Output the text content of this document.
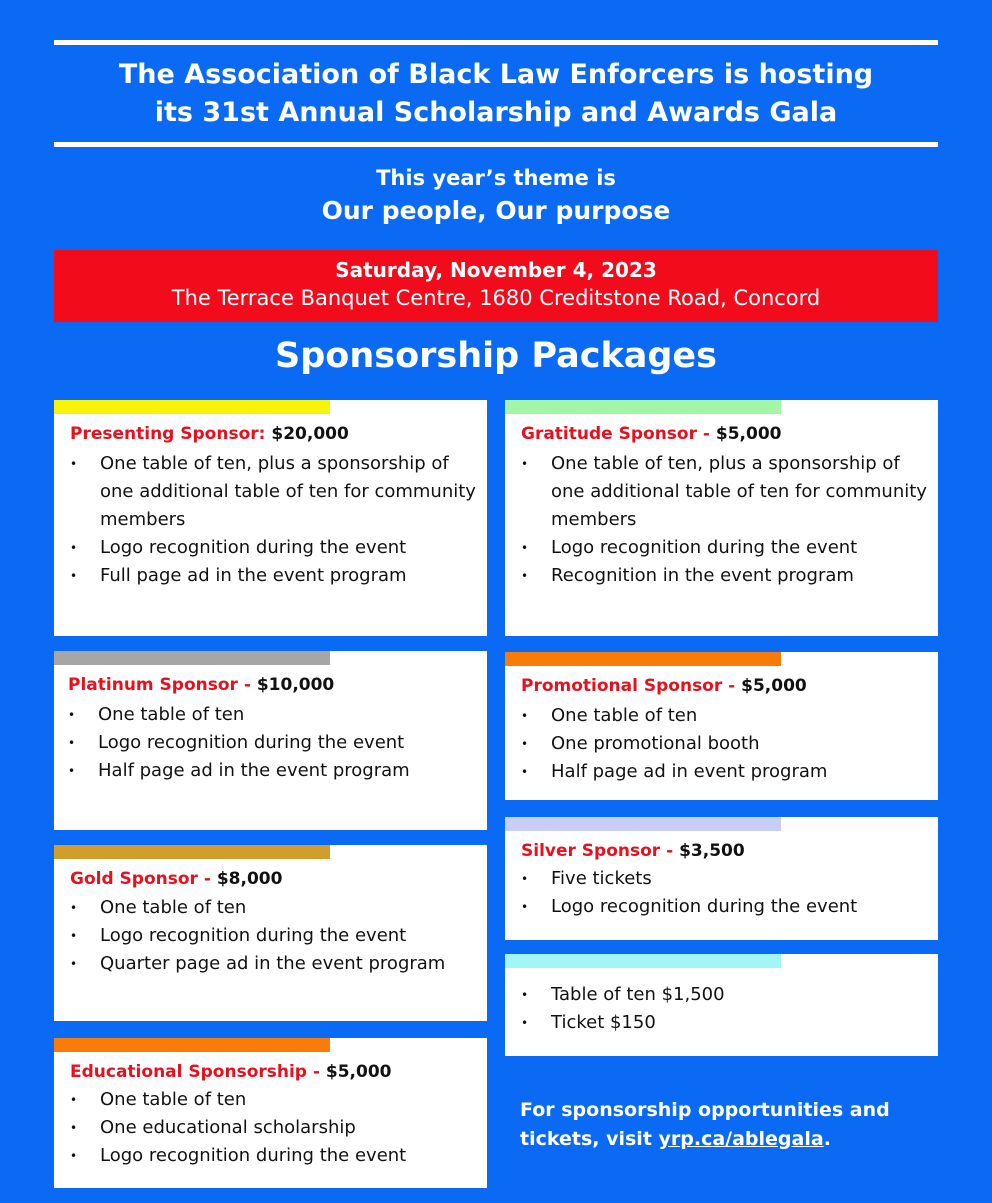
The Association of Black Law Enforcers is hosting
its 31st Annual Scholarship and Awards Gala
This year’s theme is
Our people, Our purpose
Saturday, November 4, 2023
The Terrace Banquet Centre, 1680 Creditstone Road, Concord
Sponsorship Packages
Presenting Sponsor: $20,000
• One table of ten, plus a sponsorship of one additional table of ten for community members
• Logo recognition during the event
• Full page ad in the event program
Gratitude Sponsor - $5,000
• One table of ten, plus a sponsorship of one additional table of ten for community members
• Logo recognition during the event
• Recognition in the event program
Platinum Sponsor - $10,000
• One table of ten
• Logo recognition during the event
• Half page ad in the event program
Promotional Sponsor - $5,000
• One table of ten
• One promotional booth
• Half page ad in event program
Silver Sponsor - $3,500
• Five tickets
• Logo recognition during the event
Gold Sponsor - $8,000
• One table of ten
• Logo recognition during the event
• Quarter page ad in the event program
• Table of ten $1,500
• Ticket $150
Educational Sponsorship - $5,000
• One table of ten
• One educational scholarship
• Logo recognition during the event
For sponsorship opportunities and tickets, visit yrp.ca/ablegala.
